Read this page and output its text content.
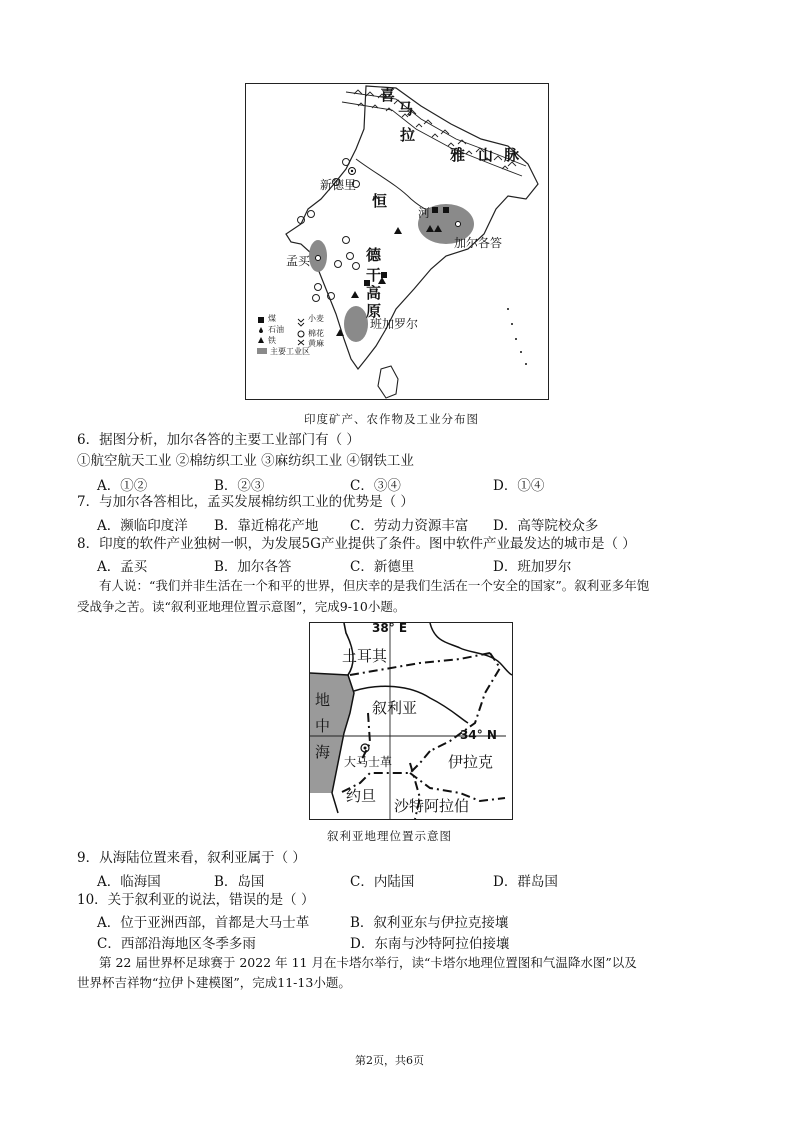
喜
马
拉
雅 山 脉
新德里
恒
河
加尔各答
孟买	德
干
高
原
班加罗尔
煤
石油
铁
主要工业区
小麦
棉花
黄麻
印度矿产、农作物及工业分布图
6．据图分析，加尔各答的主要工业部门有（ ）
①航空航天工业 ②棉纺织工业 ③麻纺织工业 ④钢铁工业
A．①②	B．②③	C．③④	D．①④
7．与加尔各答相比，孟买发展棉纺织工业的优势是（ ）
A．濒临印度洋 B．靠近棉花产地 C．劳动力资源丰富 D．高等院校众多
8．印度的软件产业独树一帜，为发展5G产业提供了条件。图中软件产业最发达的城市是（ ）
A．孟买	B．加尔各答	C．新德里	D．班加罗尔
有人说：“我们并非生活在一个和平的世界，但庆幸的是我们生活在一个安全的国家”。叙利亚多年饱
受战争之苦。读“叙利亚地理位置示意图”，完成9-10小题。
38° E
34° N
土耳其
地
中
海
叙利亚
大马士革	伊拉克
约旦
沙特阿拉伯
叙利亚地理位置示意图
9．从海陆位置来看，叙利亚属于（ ）
A．临海国	B．岛国	C．内陆国	D．群岛国
10．关于叙利亚的说法，错误的是（ ）
A．位于亚洲西部，首都是大马士革	B．叙利亚东与伊拉克接壤
C．西部沿海地区冬季多雨	D．东南与沙特阿拉伯接壤
第 22 届世界杯足球赛于 2022 年 11 月在卡塔尔举行，读“卡塔尔地理位置图和气温降水图”以及
世界杯吉祥物“拉伊卜建模图”，完成11-13小题。
第2页，共6页
